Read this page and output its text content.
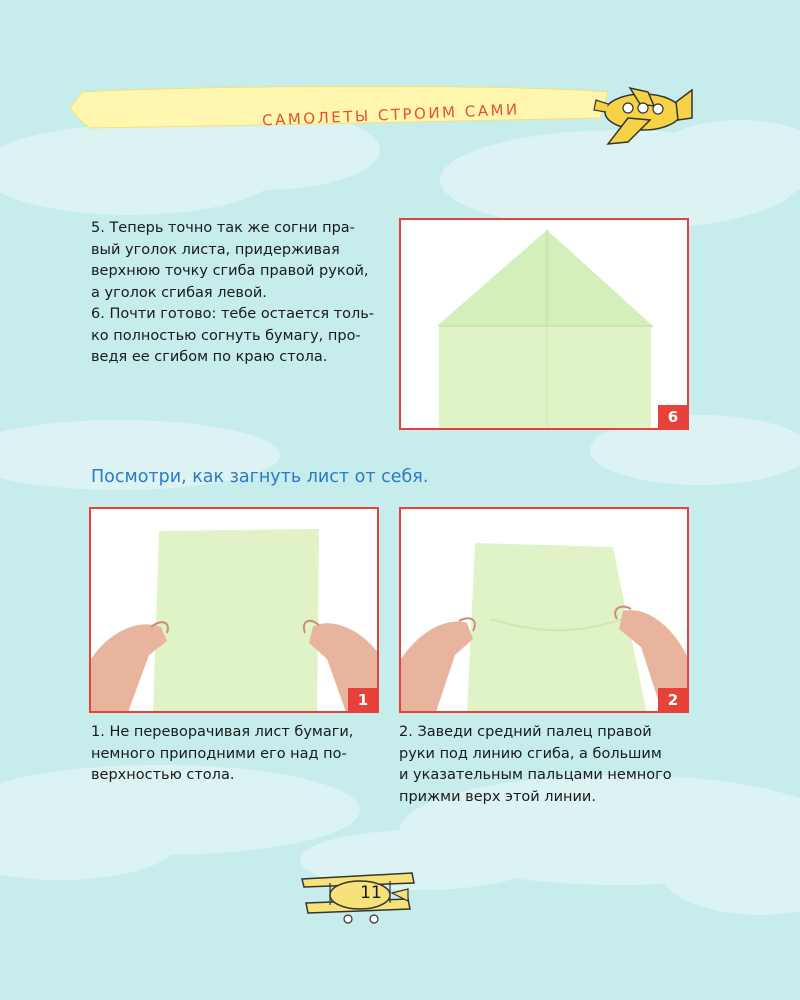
САМОЛЕТЫ СТРОИМ САМИ
5. Теперь точно так же согни пра-
вый уголок листа, придерживая
верхнюю точку сгиба правой рукой,
а уголок сгибая левой.
6. Почти готово: тебе остается толь-
ко полностью согнуть бумагу, про-
ведя ее сгибом по краю стола.
6
Посмотри, как загнуть лист от себя.
1	2
1. Не переворачивая лист бумаги,
немного приподними его над по-
верхностью стола.
2. Заведи средний палец правой
руки под линию сгиба, а большим
и указательным пальцами немного
прижми верх этой линии.
11
